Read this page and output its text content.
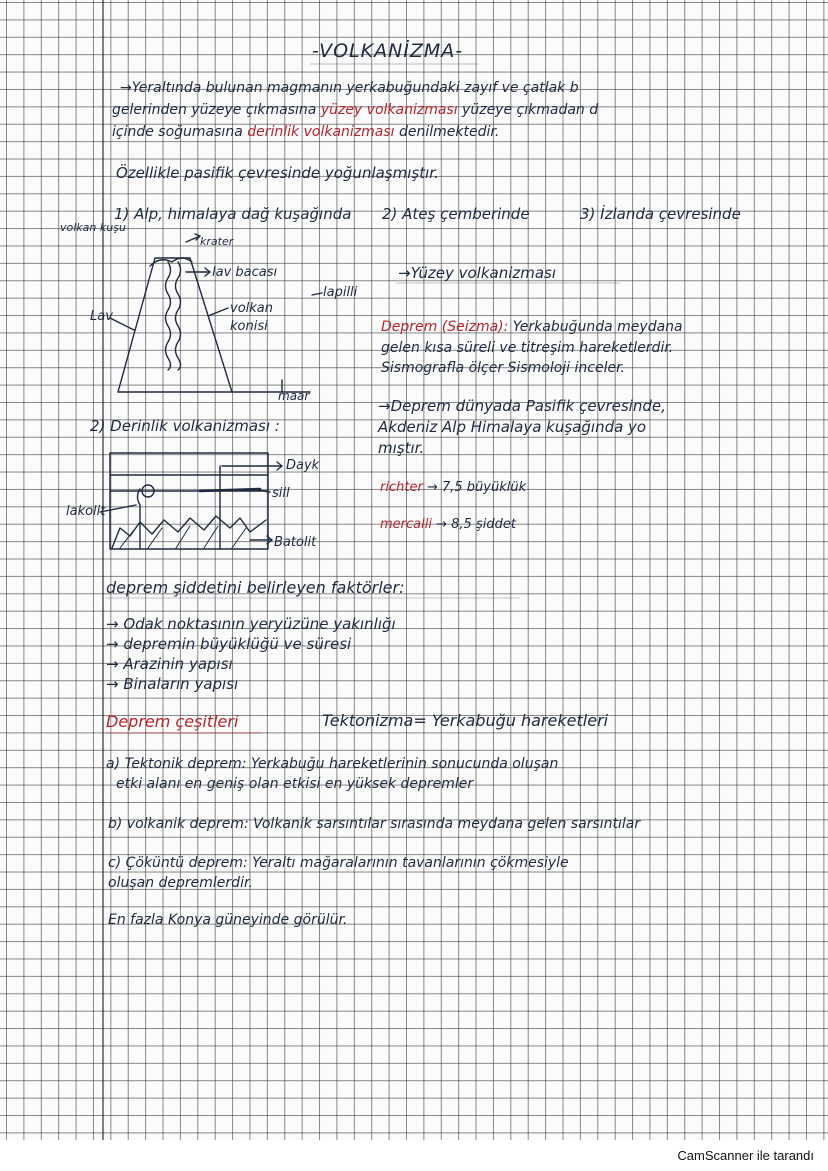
-VOLKANİZMA-
→Yeraltında bulunan magmanın yerkabuğundaki zayıf ve çatlak b
gelerinden yüzeye çıkmasına yüzey volkanizması yüzeye çıkmadan d
içinde soğumasına derinlik volkanizması denilmektedir.
Özellikle pasifik çevresinde yoğunlaşmıştır.
volkan kuşu
1) Alp, himalaya dağ kuşağında 2) Ateş çemberinde	3) İzlanda çevresinde
krater
lav bacası
lapilli
Lav
volkan
konisi
maar
→Yüzey volkanizması
Deprem (Seizma): Yerkabuğunda meydana
gelen kısa süreli ve titreşim hareketlerdir.
Sismografla ölçer Sismoloji inceler.
→Deprem dünyada Pasifik çevresinde,
Akdeniz Alp Himalaya kuşağında yo
mıştır.
richter → 7,5 büyüklük
mercalli → 8,5 şiddet
2) Derinlik volkanizması :
Dayk
sill
lakolit
Batolit
deprem şiddetini belirleyen faktörler:
→ Odak noktasının yeryüzüne yakınlığı
→ depremin büyüklüğü ve süresi
→ Arazinin yapısı
→ Binaların yapısı
Deprem çeşitleri	Tektonizma= Yerkabuğu hareketleri
a) Tektonik deprem: Yerkabuğu hareketlerinin sonucunda oluşan
etki alanı en geniş olan etkisi en yüksek depremler
b) volkanik deprem: Volkanik sarsıntılar sırasında meydana gelen sarsıntılar
c) Çöküntü deprem: Yeraltı mağaralarının tavanlarının çökmesiyle
oluşan depremlerdir.
En fazla Konya güneyinde görülür.
CamScanner ile tarandı
